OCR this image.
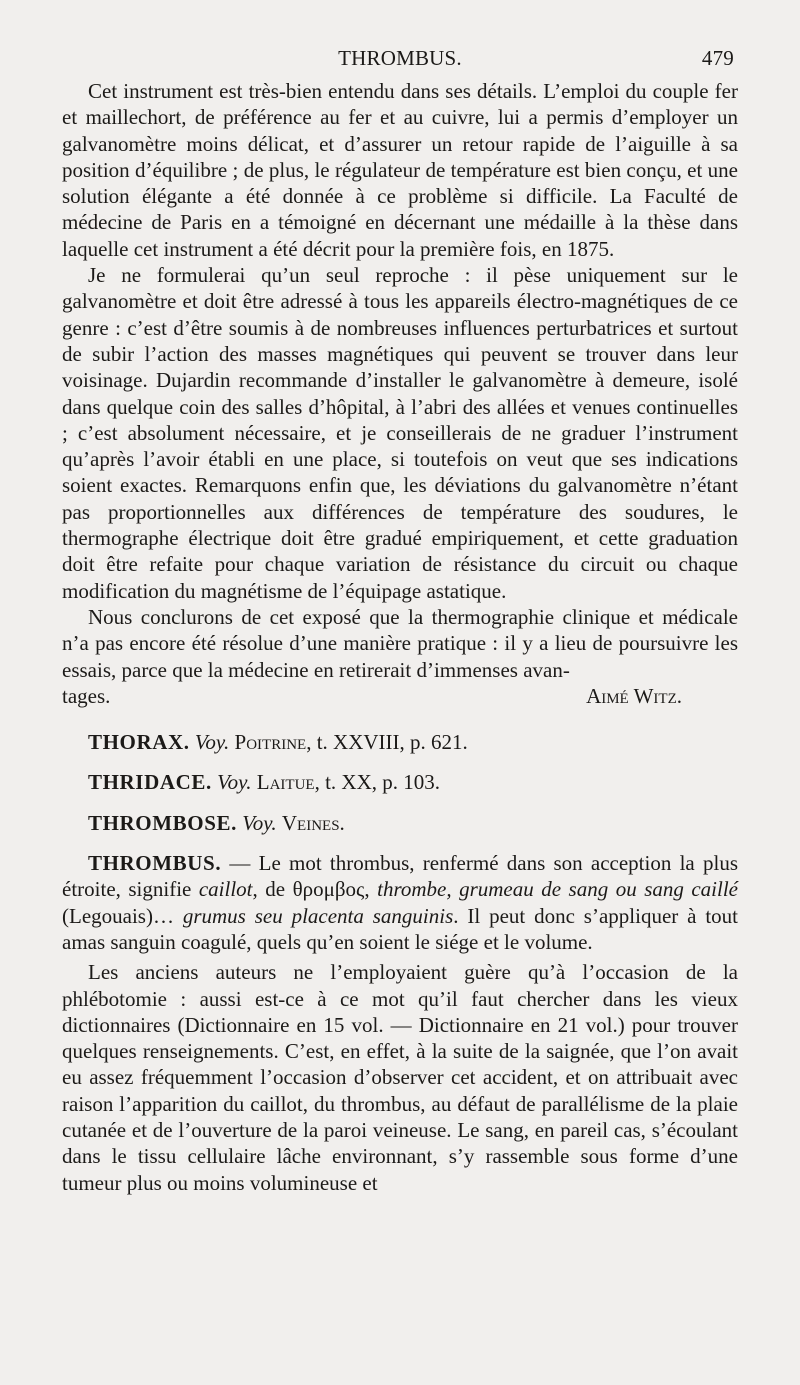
THROMBUS.	479

Cet instrument est très-bien entendu dans ses détails. L’emploi du couple fer et maillechort, de préférence au fer et au cuivre, lui a permis d’employer un galvanomètre moins délicat, et d’assurer un retour rapide de l’aiguille à sa position d’équilibre ; de plus, le régulateur de température est bien conçu, et une solution élégante a été donnée à ce problème si difficile. La Faculté de médecine de Paris en a témoigné en décernant une médaille à la thèse dans laquelle cet instrument a été décrit pour la première fois, en 1875.

Je ne formulerai qu’un seul reproche : il pèse uniquement sur le galvanomètre et doit être adressé à tous les appareils électro-magnétiques de ce genre : c’est d’être soumis à de nombreuses influences perturbatrices et surtout de subir l’action des masses magnétiques qui peuvent se trouver dans leur voisinage. Dujardin recommande d’installer le galvanomètre à demeure, isolé dans quelque coin des salles d’hôpital, à l’abri des allées et venues continuelles ; c’est absolument nécessaire, et je conseillerais de ne graduer l’instrument qu’après l’avoir établi en une place, si toutefois on veut que ses indications soient exactes. Remarquons enfin que, les déviations du galvanomètre n’étant pas proportionnelles aux différences de température des soudures, le thermographe électrique doit être gradué empiriquement, et cette graduation doit être refaite pour chaque variation de résistance du circuit ou chaque modification du magnétisme de l’équipage astatique.

Nous conclurons de cet exposé que la thermographie clinique et médicale n’a pas encore été résolue d’une manière pratique : il y a lieu de poursuivre les essais, parce que la médecine en retirerait d’immenses avan-

tages.	Aimé Witz.

THORAX. Voy. Poitrine, t. XXVIII, p. 621.

THRIDACE. Voy. Laitue, t. XX, p. 103.

THROMBOSE. Voy. Veines.

THROMBUS. — Le mot thrombus, renfermé dans son acception la plus étroite, signifie caillot, de θρομβος, thrombe, grumeau de sang ou sang caillé (Legouais)… grumus seu placenta sanguinis. Il peut donc s’appliquer à tout amas sanguin coagulé, quels qu’en soient le siége et le volume.

Les anciens auteurs ne l’employaient guère qu’à l’occasion de la phlébotomie : aussi est-ce à ce mot qu’il faut chercher dans les vieux dictionnaires (Dictionnaire en 15 vol. — Dictionnaire en 21 vol.) pour trouver quelques renseignements. C’est, en effet, à la suite de la saignée, que l’on avait eu assez fréquemment l’occasion d’observer cet accident, et on attribuait avec raison l’apparition du caillot, du thrombus, au défaut de parallélisme de la plaie cutanée et de l’ouverture de la paroi veineuse. Le sang, en pareil cas, s’écoulant dans le tissu cellulaire lâche environnant, s’y rassemble sous forme d’une tumeur plus ou moins volumineuse et
